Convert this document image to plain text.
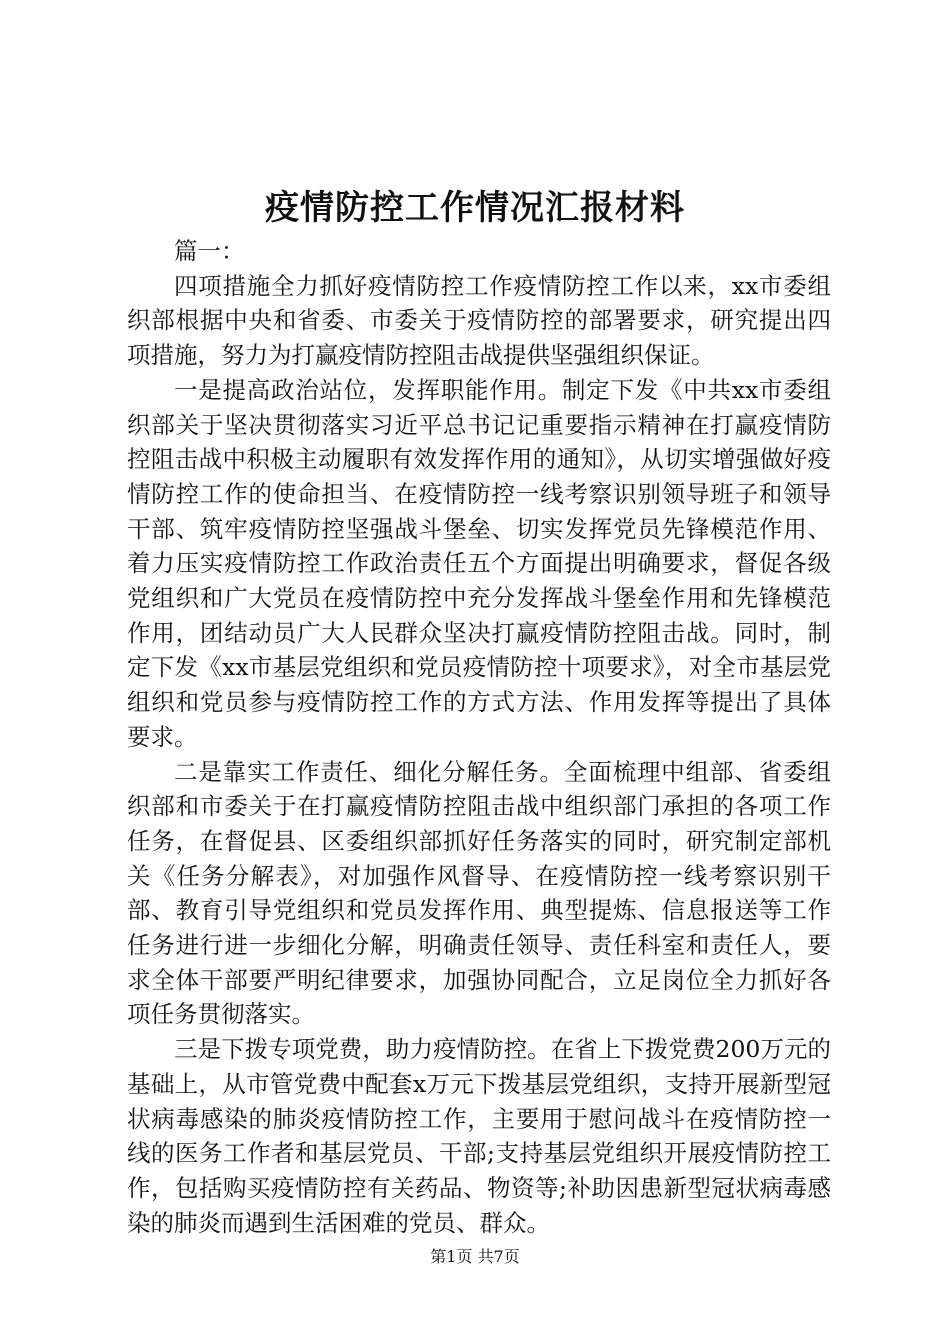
疫情防控工作情况汇报材料

篇一：

四项措施全力抓好疫情防控工作疫情防控工作以来，xx市委组织部根据中央和省委、市委关于疫情防控的部署要求，研究提出四项措施，努力为打赢疫情防控阻击战提供坚强组织保证。

一是提高政治站位，发挥职能作用。制定下发《中共xx市委组织部关于坚决贯彻落实习近平总书记记重要指示精神在打赢疫情防控阻击战中积极主动履职有效发挥作用的通知》，从切实增强做好疫情防控工作的使命担当、在疫情防控一线考察识别领导班子和领导干部、筑牢疫情防控坚强战斗堡垒、切实发挥党员先锋模范作用、着力压实疫情防控工作政治责任五个方面提出明确要求，督促各级党组织和广大党员在疫情防控中充分发挥战斗堡垒作用和先锋模范作用，团结动员广大人民群众坚决打赢疫情防控阻击战。同时，制定下发《xx市基层党组织和党员疫情防控十项要求》，对全市基层党组织和党员参与疫情防控工作的方式方法、作用发挥等提出了具体要求。

二是靠实工作责任、细化分解任务。全面梳理中组部、省委组织部和市委关于在打赢疫情防控阻击战中组织部门承担的各项工作任务，在督促县、区委组织部抓好任务落实的同时，研究制定部机关《任务分解表》，对加强作风督导、在疫情防控一线考察识别干部、教育引导党组织和党员发挥作用、典型提炼、信息报送等工作任务进行进一步细化分解，明确责任领导、责任科室和责任人，要求全体干部要严明纪律要求，加强协同配合，立足岗位全力抓好各项任务贯彻落实。

三是下拨专项党费，助力疫情防控。在省上下拨党费200万元的基础上，从市管党费中配套x万元下拨基层党组织，支持开展新型冠状病毒感染的肺炎疫情防控工作，主要用于慰问战斗在疫情防控一线的医务工作者和基层党员、干部;支持基层党组织开展疫情防控工作，包括购买疫情防控有关药品、物资等;补助因患新型冠状病毒感染的肺炎而遇到生活困难的党员、群众。

第1页 共7页
